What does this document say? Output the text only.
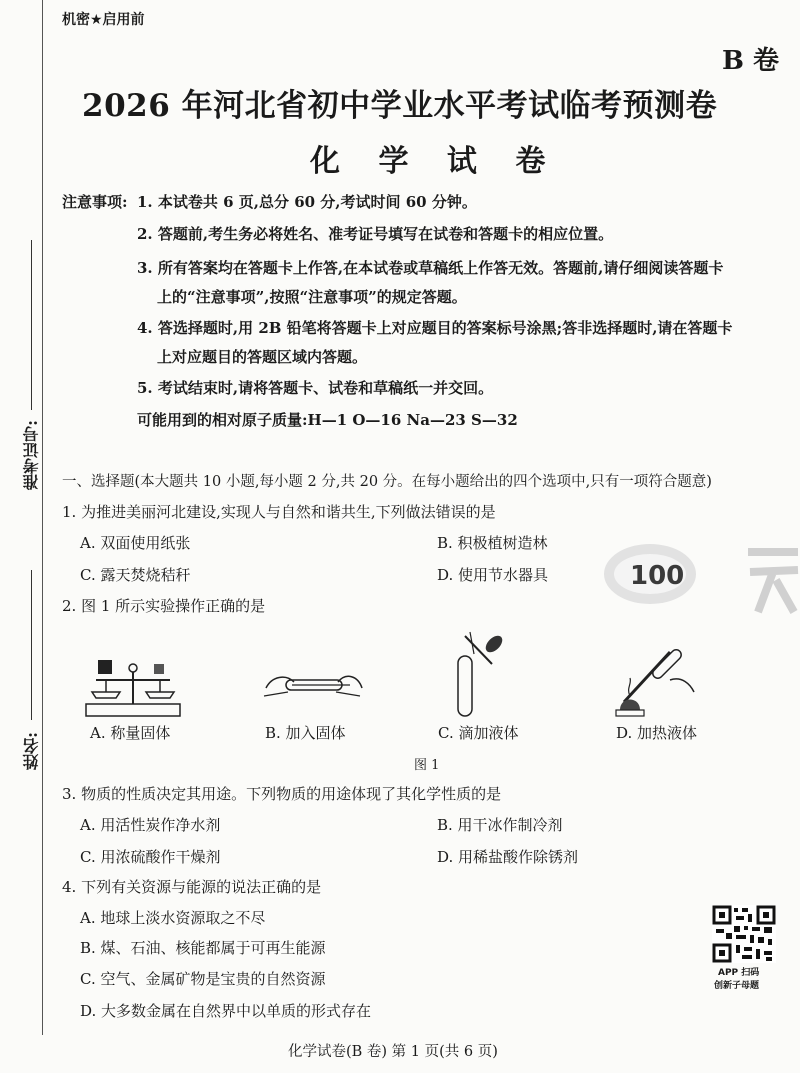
准考证号:
姓名:
机密★启用前
B 卷
2026 年河北省初中学业水平考试临考预测卷
化 学 试 卷
注意事项: 1. 本试卷共 6 页,总分 60 分,考试时间 60 分钟。
2. 答题前,考生务必将姓名、准考证号填写在试卷和答题卡的相应位置。
3. 所有答案均在答题卡上作答,在本试卷或草稿纸上作答无效。答题前,请仔细阅读答题卡
上的“注意事项”,按照“注意事项”的规定答题。
4. 答选择题时,用 2B 铅笔将答题卡上对应题目的答案标号涂黑;答非选择题时,请在答题卡
上对应题目的答题区域内答题。
5. 考试结束时,请将答题卡、试卷和草稿纸一并交回。
可能用到的相对原子质量:H—1 O—16 Na—23 S—32
一、选择题(本大题共 10 小题,每小题 2 分,共 20 分。在每小题给出的四个选项中,只有一项符合题意)
1. 为推进美丽河北建设,实现人与自然和谐共生,下列做法错误的是
A. 双面使用纸张	B. 积极植树造林
C. 露天焚烧秸秆	D. 使用节水器具	100
2. 图 1 所示实验操作正确的是
A. 称量固体	B. 加入固体	C. 滴加液体	D. 加热液体
图 1
3. 物质的性质决定其用途。下列物质的用途体现了其化学性质的是
A. 用活性炭作净水剂	B. 用干冰作制冷剂
C. 用浓硫酸作干燥剂	D. 用稀盐酸作除锈剂
4. 下列有关资源与能源的说法正确的是
A. 地球上淡水资源取之不尽
B. 煤、石油、核能都属于可再生能源
C. 空气、金属矿物是宝贵的自然资源
D. 大多数金属在自然界中以单质的形式存在
APP 扫码
创新子母题
化学试卷(B 卷) 第 1 页(共 6 页)
